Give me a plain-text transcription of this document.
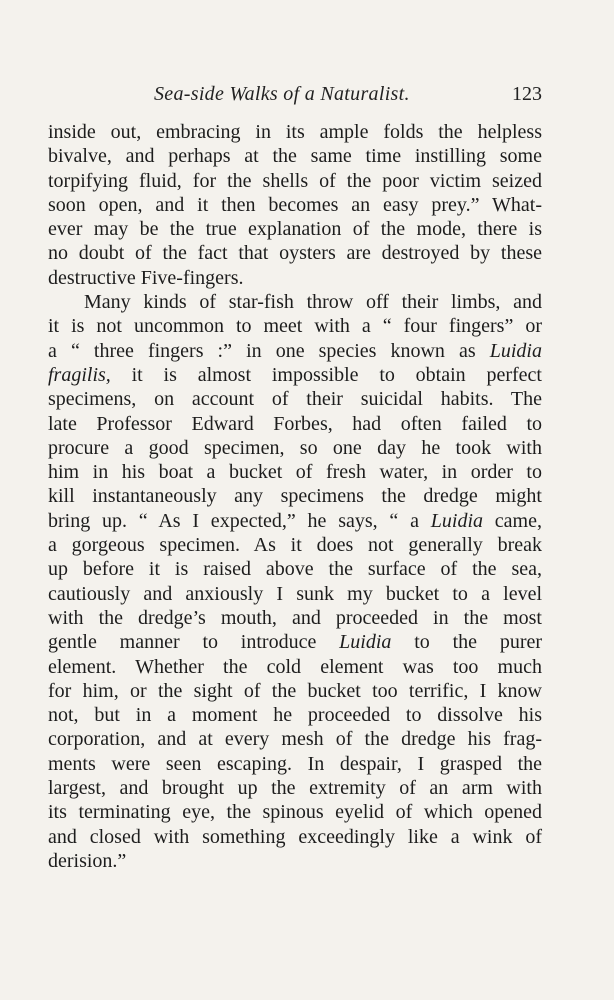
Sea-side Walks of a Naturalist.	123
inside out, embracing in its ample folds the helpless
bivalve, and perhaps at the same time instilling some
torpifying fluid, for the shells of the poor victim seized
soon open, and it then becomes an easy prey.” What-
ever may be the true explanation of the mode, there is
no doubt of the fact that oysters are destroyed by these
destructive Five-fingers.
Many kinds of star-fish throw off their limbs, and
it is not uncommon to meet with a “ four fingers” or
a “ three fingers :” in one species known as Luidia
fragilis, it is almost impossible to obtain perfect
specimens, on account of their suicidal habits. The
late Professor Edward Forbes, had often failed to
procure a good specimen, so one day he took with
him in his boat a bucket of fresh water, in order to
kill instantaneously any specimens the dredge might
bring up. “ As I expected,” he says, “ a Luidia came,
a gorgeous specimen. As it does not generally break
up before it is raised above the surface of the sea,
cautiously and anxiously I sunk my bucket to a level
with the dredge’s mouth, and proceeded in the most
gentle manner to introduce Luidia to the purer
element. Whether the cold element was too much
for him, or the sight of the bucket too terrific, I know
not, but in a moment he proceeded to dissolve his
corporation, and at every mesh of the dredge his frag-
ments were seen escaping. In despair, I grasped the
largest, and brought up the extremity of an arm with
its terminating eye, the spinous eyelid of which opened
and closed with something exceedingly like a wink of
derision.”
